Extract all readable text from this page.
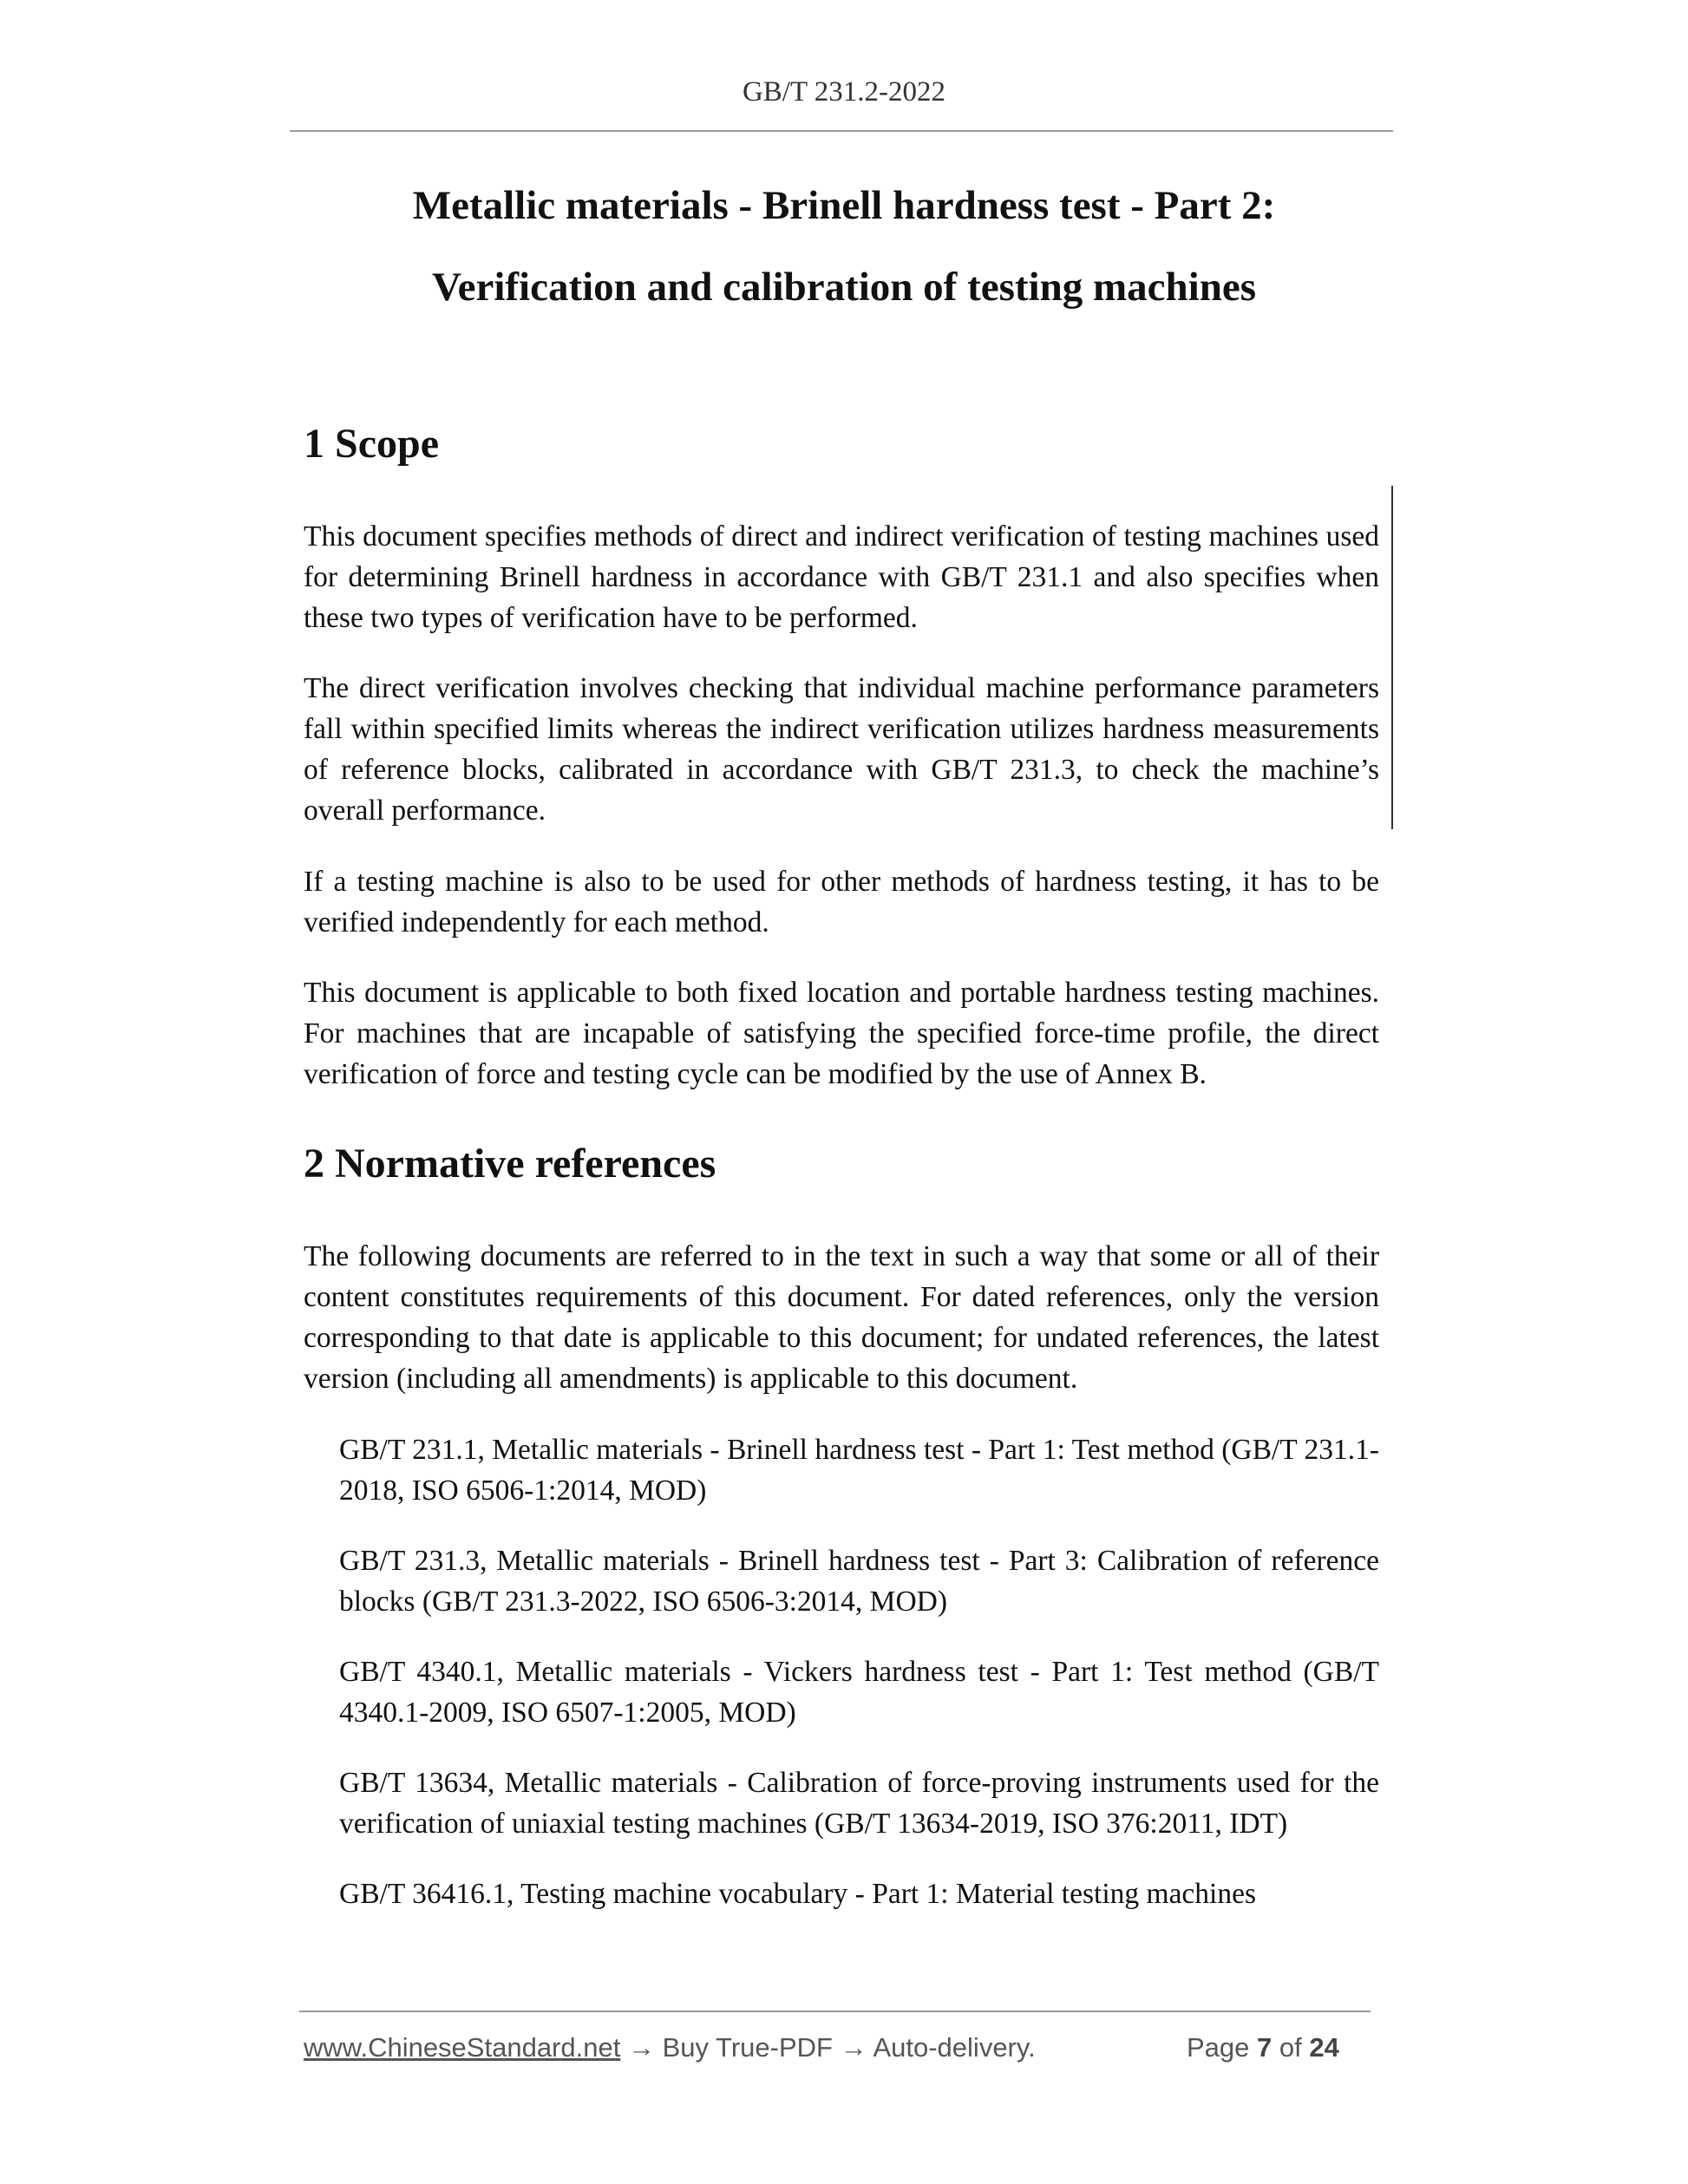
GB/T 231.2-2022
Metallic materials - Brinell hardness test - Part 2:
Verification and calibration of testing machines
1 Scope

This document specifies methods of direct and indirect verification of testing machines used for determining Brinell hardness in accordance with GB/T 231.1 and also specifies when these two types of verification have to be performed.

The direct verification involves checking that individual machine performance parameters fall within specified limits whereas the indirect verification utilizes hardness measurements of reference blocks, calibrated in accordance with GB/T 231.3, to check the machine’s overall performance.

If a testing machine is also to be used for other methods of hardness testing, it has to be verified independently for each method.

This document is applicable to both fixed location and portable hardness testing machines. For machines that are incapable of satisfying the specified force-time profile, the direct verification of force and testing cycle can be modified by the use of Annex B.

2 Normative references

The following documents are referred to in the text in such a way that some or all of their content constitutes requirements of this document. For dated references, only the version corresponding to that date is applicable to this document; for undated references, the latest version (including all amendments) is applicable to this document.

GB/T 231.1, Metallic materials - Brinell hardness test - Part 1: Test method (GB/T 231.1-2018, ISO 6506-1:2014, MOD)

GB/T 231.3, Metallic materials - Brinell hardness test - Part 3: Calibration of reference blocks (GB/T 231.3-2022, ISO 6506-3:2014, MOD)

GB/T 4340.1, Metallic materials - Vickers hardness test - Part 1: Test method (GB/T 4340.1-2009, ISO 6507-1:2005, MOD)

GB/T 13634, Metallic materials - Calibration of force-proving instruments used for the verification of uniaxial testing machines (GB/T 13634-2019, ISO 376:2011, IDT)

GB/T 36416.1, Testing machine vocabulary - Part 1: Material testing machines

www.ChineseStandard.net → Buy True-PDF → Auto-delivery.	Page 7 of 24
